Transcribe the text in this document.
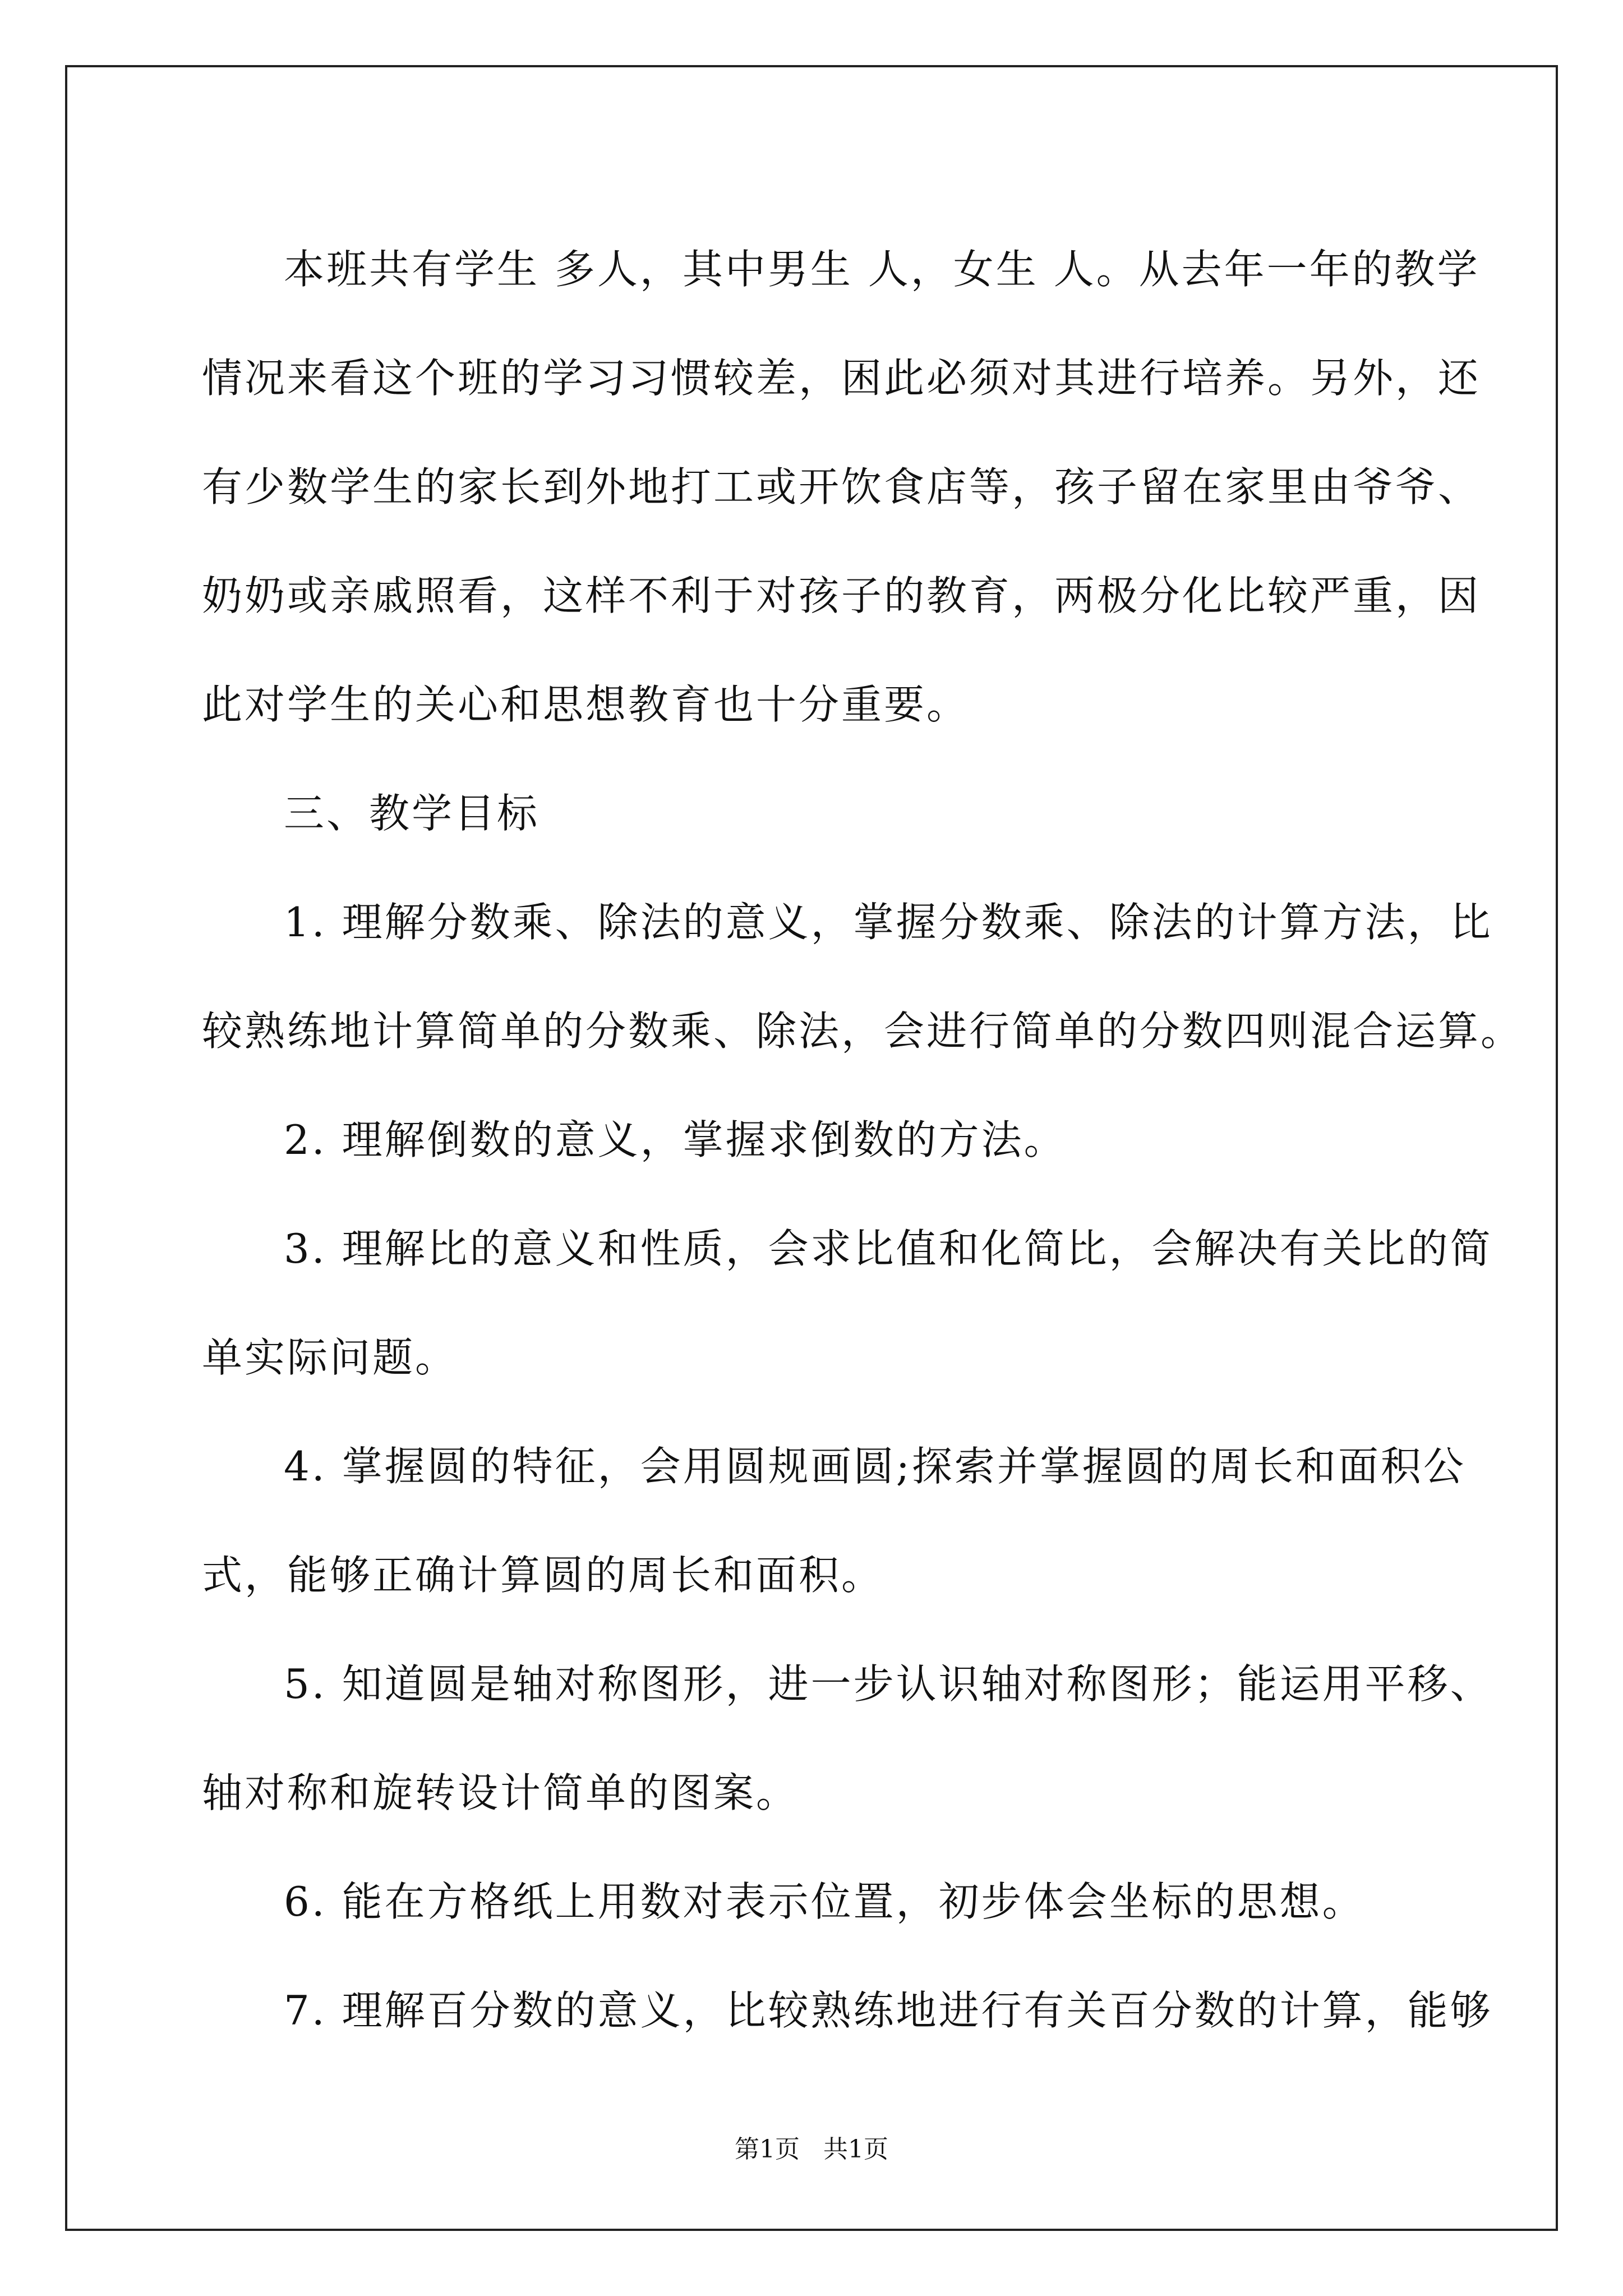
本班共有学生 多人，其中男生 人，女生 人。从去年一年的教学
情况来看这个班的学习习惯较差，困此必须对其进行培养。另外，还
有少数学生的家长到外地打工或开饮食店等，孩子留在家里由爷爷、
奶奶或亲戚照看，这样不利于对孩子的教育，两极分化比较严重，因
此对学生的关心和思想教育也十分重要。
三、教学目标
1. 理解分数乘、除法的意义，掌握分数乘、除法的计算方法，比
较熟练地计算简单的分数乘、除法，会进行简单的分数四则混合运算。
2. 理解倒数的意义，掌握求倒数的方法。
3. 理解比的意义和性质，会求比值和化简比，会解决有关比的简
单实际问题。
4. 掌握圆的特征，会用圆规画圆;探索并掌握圆的周长和面积公
式，能够正确计算圆的周长和面积。
5. 知道圆是轴对称图形，进一步认识轴对称图形；能运用平移、
轴对称和旋转设计简单的图案。
6. 能在方格纸上用数对表示位置，初步体会坐标的思想。
7. 理解百分数的意义，比较熟练地进行有关百分数的计算，能够
第1页   共1页
